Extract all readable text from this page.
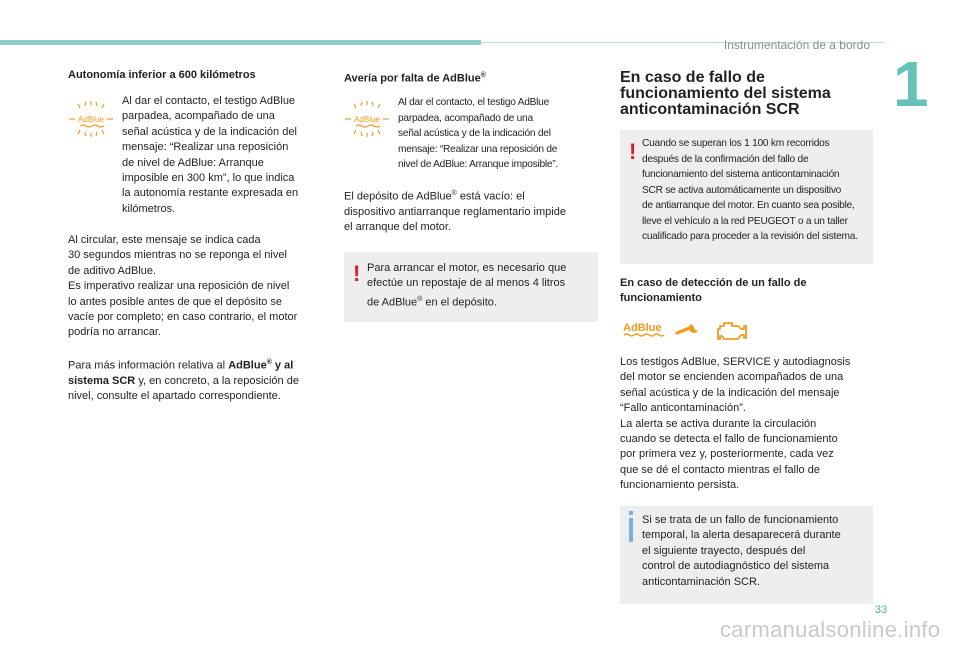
Instrumentación de a bordo
1
Autonomía inferior a 600 kilómetros
AdBlue
Al dar el contacto, el testigo AdBlue
parpadea, acompañado de una
señal acústica y de la indicación del
mensaje: “Realizar una reposición
de nivel de AdBlue: Arranque
imposible en 300 km”, lo que indica
la autonomía restante expresada en
kilómetros.
Al circular, este mensaje se indica cada
30 segundos mientras no se reponga el nivel
de aditivo AdBlue.
Es imperativo realizar una reposición de nivel
lo antes posible antes de que el depósito se
vacíe por completo; en caso contrario, el motor
podría no arrancar.
Para más información relativa al AdBlue® y al
sistema SCR y, en concreto, a la reposición de
nivel, consulte el apartado correspondiente.
Avería por falta de AdBlue®
AdBlue
Al dar el contacto, el testigo AdBlue
parpadea, acompañado de una
señal acústica y de la indicación del
mensaje: “Realizar una reposición de
nivel de AdBlue: Arranque imposible”.
El depósito de AdBlue® está vacío: el
dispositivo antiarranque reglamentario impide
el arranque del motor.
! Para arrancar el motor, es necesario que
efectúe un repostaje de al menos 4 litros
de AdBlue® en el depósito.
En caso de fallo de
funcionamiento del sistema
anticontaminación SCR
! Cuando se superan los 1 100 km recorridos
después de la confirmación del fallo de
funcionamiento del sistema anticontaminación
SCR se activa automáticamente un dispositivo
de antiarranque del motor. En cuanto sea posible,
lleve el vehículo a la red PEUGEOT o a un taller
cualificado para proceder a la revisión del sistema.
En caso de detección de un fallo de
funcionamiento
AdBlue
Los testigos AdBlue, SERVICE y autodiagnosis
del motor se encienden acompañados de una
señal acústica y de la indicación del mensaje
“Fallo anticontaminación”.
La alerta se activa durante la circulación
cuando se detecta el fallo de funcionamiento
por primera vez y, posteriormente, cada vez
que se dé el contacto mientras el fallo de
funcionamiento persista.
Si se trata de un fallo de funcionamiento
temporal, la alerta desaparecerá durante
el siguiente trayecto, después del
control de autodiagnóstico del sistema
anticontaminación SCR.
33
carmanualsonline.info
